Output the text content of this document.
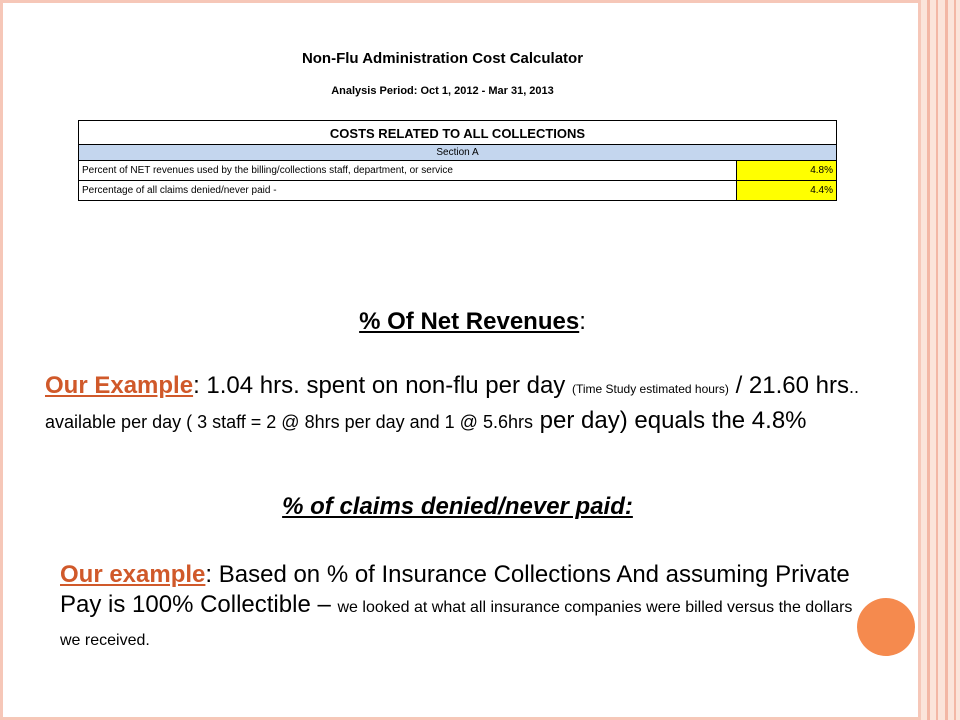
Non-Flu Administration Cost Calculator
Analysis Period: Oct 1, 2012 - Mar 31, 2013
COSTS RELATED TO ALL COLLECTIONS	
Section A	
Percent of NET revenues used by the billing/collections staff, department, or service	4.8%
Percentage of all claims denied/never paid -	4.4%
% Of Net Revenues:
Our Example: 1.04 hrs. spent on non-flu per day (Time Study estimated hours) / 21.60 hrs.. available per day ( 3 staff = 2 @ 8hrs per day and 1 @ 5.6hrs per day) equals the 4.8%
% of claims denied/never paid:
Our example: Based on % of Insurance Collections And assuming Private Pay is 100% Collectible – we looked at what all insurance companies were billed versus the dollars we received.
